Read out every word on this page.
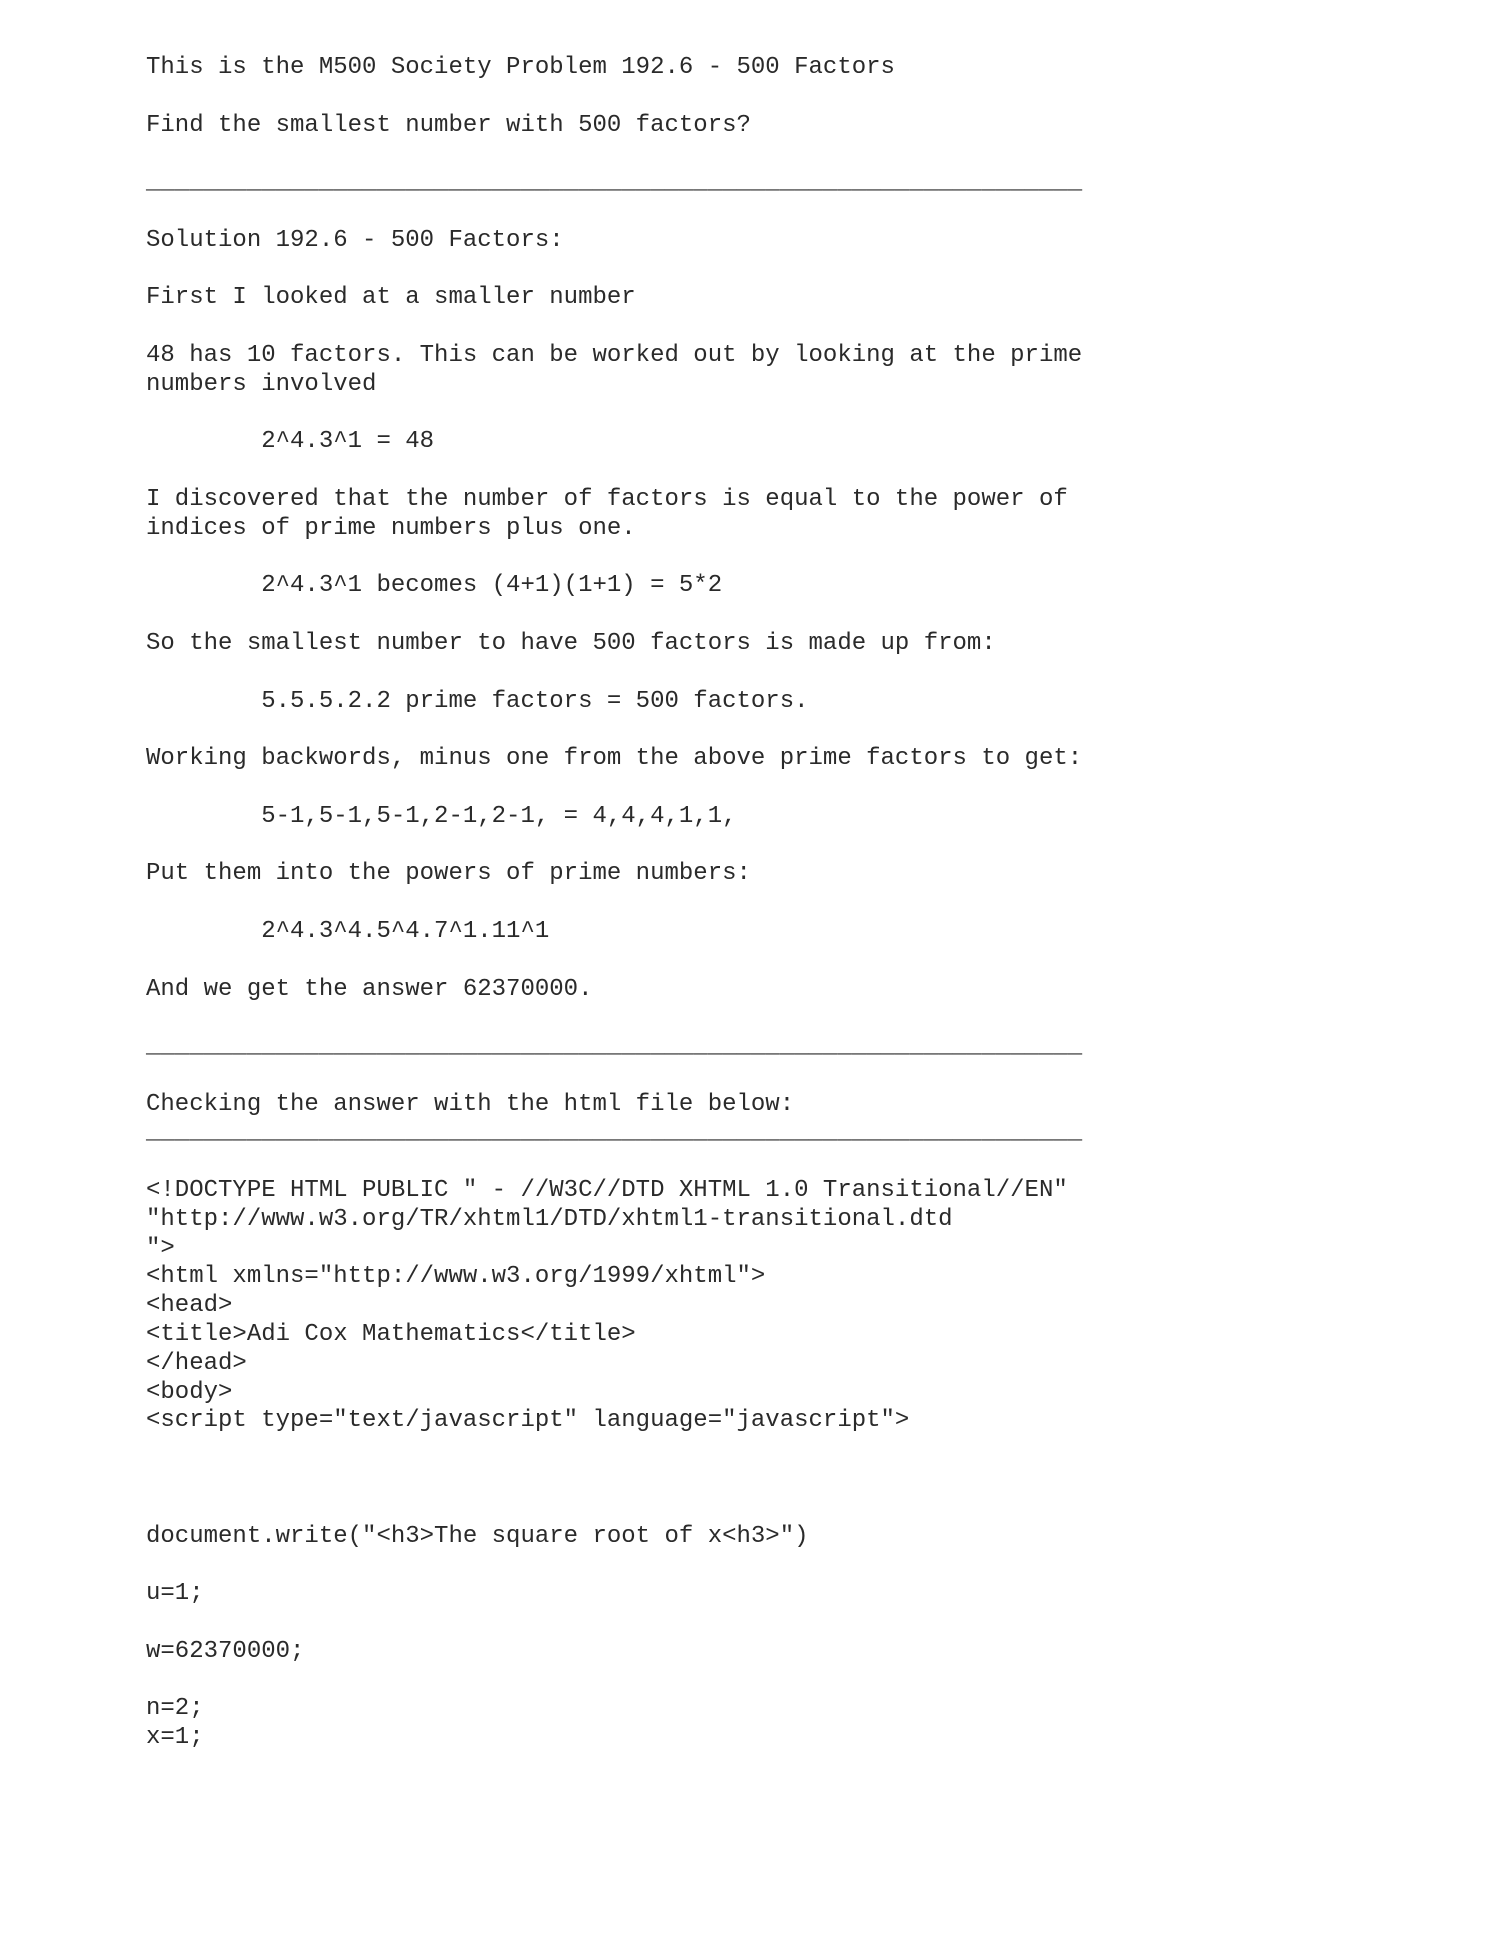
This is the M500 Society Problem 192.6 - 500 Factors
Find the smallest number with 500 factors?
_________________________________________________________________
Solution 192.6 - 500 Factors:
First I looked at a smaller number
48 has 10 factors. This can be worked out by looking at the prime
numbers involved
2^4.3^1 = 48
I discovered that the number of factors is equal to the power of
indices of prime numbers plus one.
2^4.3^1 becomes (4+1)(1+1) = 5*2
So the smallest number to have 500 factors is made up from:
5.5.5.2.2 prime factors = 500 factors.
Working backwords, minus one from the above prime factors to get:
5-1,5-1,5-1,2-1,2-1, = 4,4,4,1,1,
Put them into the powers of prime numbers:
2^4.3^4.5^4.7^1.11^1
And we get the answer 62370000.
_________________________________________________________________
Checking the answer with the html file below:
_________________________________________________________________
<!DOCTYPE HTML PUBLIC " - //W3C//DTD XHTML 1.0 Transitional//EN"
"http://www.w3.org/TR/xhtml1/DTD/xhtml1-transitional.dtd
">
<html xmlns="http://www.w3.org/1999/xhtml">
<head>
<title>Adi Cox Mathematics</title>
</head>
<body>
<script type="text/javascript" language="javascript">
document.write("<h3>The square root of x<h3>")
u=1;
w=62370000;
n=2;
x=1;
